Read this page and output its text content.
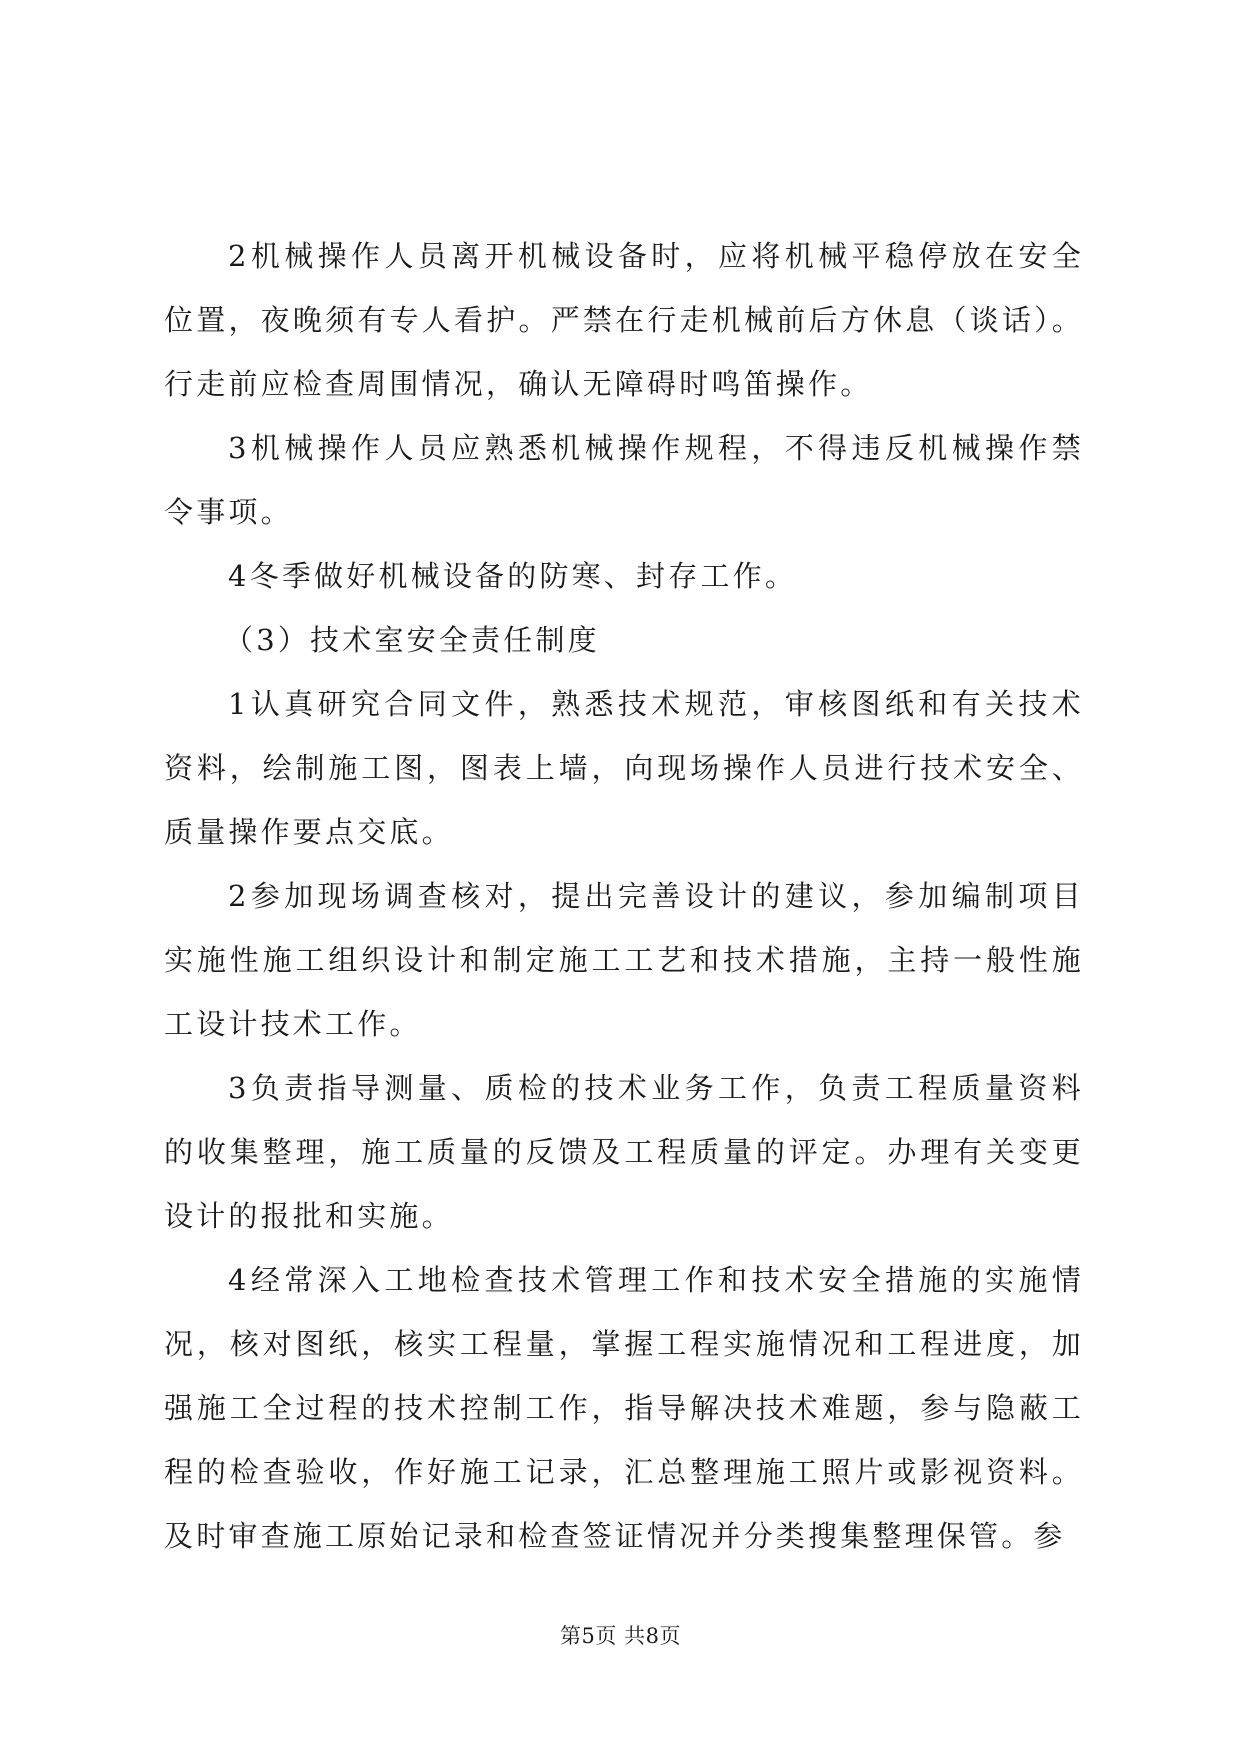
2机械操作人员离开机械设备时，应将机械平稳停放在安全位置，夜晚须有专人看护。严禁在行走机械前后方休息（谈话）。行走前应检查周围情况，确认无障碍时鸣笛操作。

3机械操作人员应熟悉机械操作规程，不得违反机械操作禁令事项。

4冬季做好机械设备的防寒、封存工作。

（3）技术室安全责任制度

1认真研究合同文件，熟悉技术规范，审核图纸和有关技术资料，绘制施工图，图表上墙，向现场操作人员进行技术安全、质量操作要点交底。

2参加现场调查核对，提出完善设计的建议，参加编制项目实施性施工组织设计和制定施工工艺和技术措施，主持一般性施工设计技术工作。

3负责指导测量、质检的技术业务工作，负责工程质量资料的收集整理，施工质量的反馈及工程质量的评定。办理有关变更设计的报批和实施。

4经常深入工地检查技术管理工作和技术安全措施的实施情况，核对图纸，核实工程量，掌握工程实施情况和工程进度，加强施工全过程的技术控制工作，指导解决技术难题，参与隐蔽工程的检查验收，作好施工记录，汇总整理施工照片或影视资料。及时审查施工原始记录和检查签证情况并分类搜集整理保管。参

第5页 共8页
